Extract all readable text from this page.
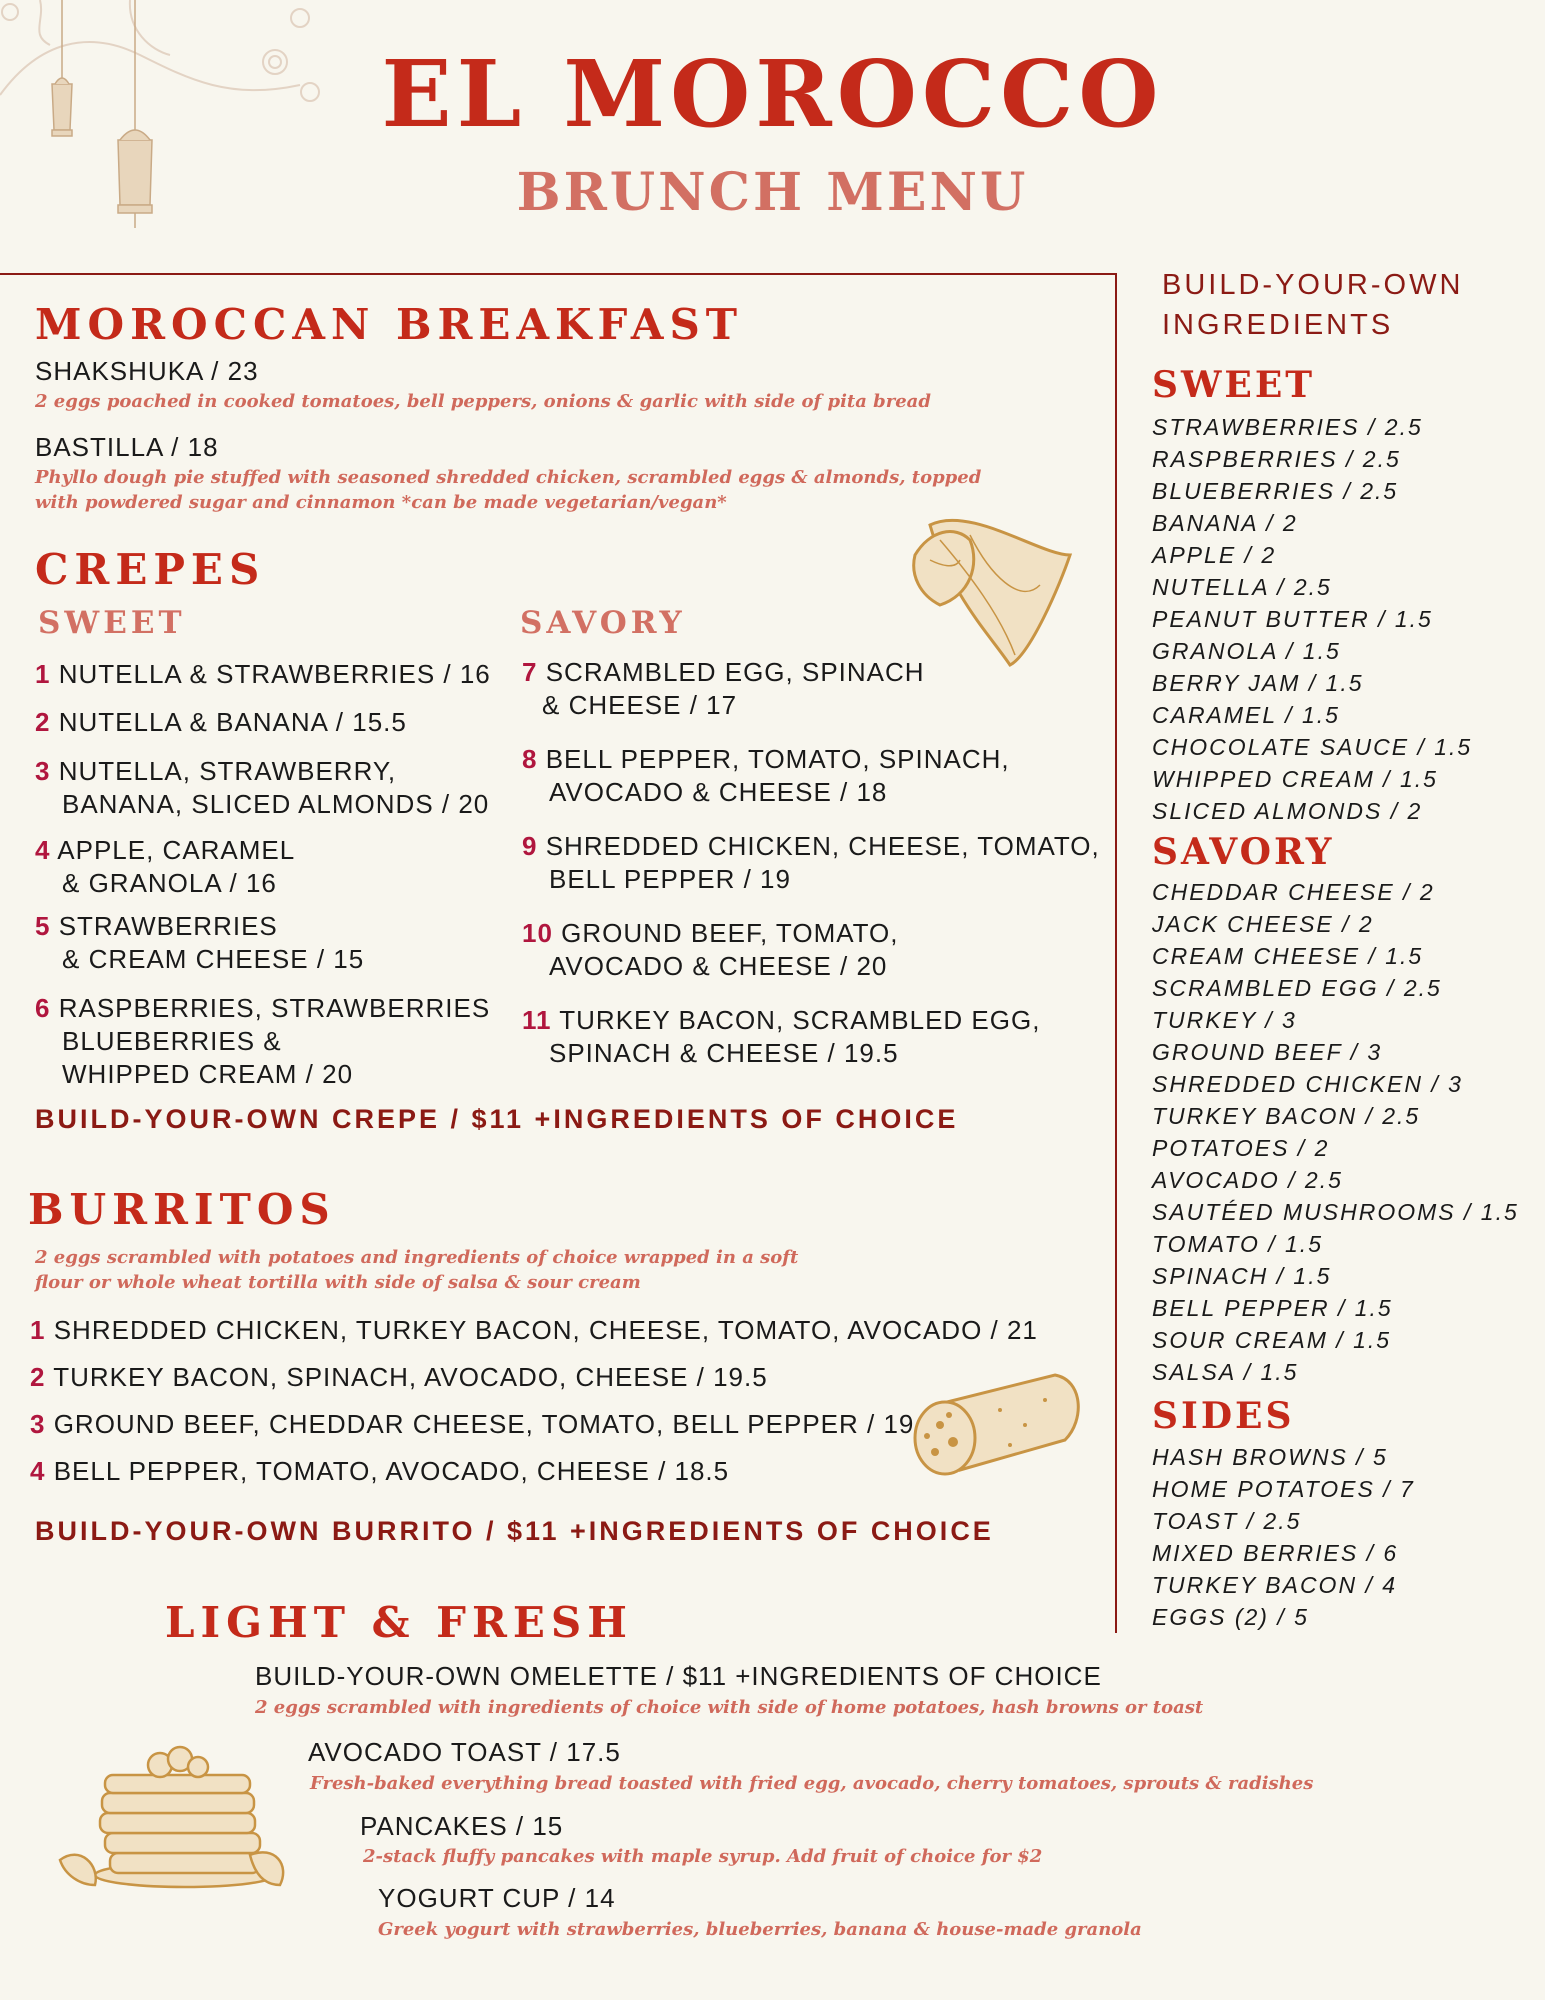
EL MOROCCO
BRUNCH MENU
MOROCCAN BREAKFAST
SHAKSHUKA / 23
2 eggs poached in cooked tomatoes, bell peppers, onions & garlic with side of pita bread
BASTILLA / 18
Phyllo dough pie stuffed with seasoned shredded chicken, scrambled eggs & almonds, topped
with powdered sugar and cinnamon *can be made vegetarian/vegan*
CREPES
SWEET	SAVORY
1 NUTELLA & STRAWBERRIES / 16
2 NUTELLA & BANANA / 15.5
3 NUTELLA, STRAWBERRY,
BANANA, SLICED ALMONDS / 20
4 APPLE, CARAMEL
& GRANOLA / 16
5 STRAWBERRIES
& CREAM CHEESE / 15
6 RASPBERRIES, STRAWBERRIES
BLUEBERRIES &
WHIPPED CREAM / 20
7 SCRAMBLED EGG, SPINACH
& CHEESE / 17
8 BELL PEPPER, TOMATO, SPINACH,
AVOCADO & CHEESE / 18
9 SHREDDED CHICKEN, CHEESE, TOMATO,
BELL PEPPER / 19
10 GROUND BEEF, TOMATO,
AVOCADO & CHEESE / 20
11 TURKEY BACON, SCRAMBLED EGG,
SPINACH & CHEESE / 19.5
BUILD-YOUR-OWN CREPE / $11 +INGREDIENTS OF CHOICE
BURRITOS
2 eggs scrambled with potatoes and ingredients of choice wrapped in a soft
flour or whole wheat tortilla with side of salsa & sour cream
1 SHREDDED CHICKEN, TURKEY BACON, CHEESE, TOMATO, AVOCADO / 21
2 TURKEY BACON, SPINACH, AVOCADO, CHEESE / 19.5
3 GROUND BEEF, CHEDDAR CHEESE, TOMATO, BELL PEPPER / 19
4 BELL PEPPER, TOMATO, AVOCADO, CHEESE / 18.5
BUILD-YOUR-OWN BURRITO / $11 +INGREDIENTS OF CHOICE
LIGHT & FRESH
BUILD-YOUR-OWN OMELETTE / $11 +INGREDIENTS OF CHOICE
2 eggs scrambled with ingredients of choice with side of home potatoes, hash browns or toast
AVOCADO TOAST / 17.5
Fresh-baked everything bread toasted with fried egg, avocado, cherry tomatoes, sprouts & radishes
PANCAKES / 15
2-stack fluffy pancakes with maple syrup. Add fruit of choice for $2
YOGURT CUP / 14
Greek yogurt with strawberries, blueberries, banana & house-made granola
BUILD-YOUR-OWN
INGREDIENTS
SWEET
STRAWBERRIES / 2.5
RASPBERRIES / 2.5
BLUEBERRIES / 2.5
BANANA / 2
APPLE / 2
NUTELLA / 2.5
PEANUT BUTTER / 1.5
GRANOLA / 1.5
BERRY JAM / 1.5
CARAMEL / 1.5
CHOCOLATE SAUCE / 1.5
WHIPPED CREAM / 1.5
SLICED ALMONDS / 2
SAVORY
CHEDDAR CHEESE / 2
JACK CHEESE / 2
CREAM CHEESE / 1.5
SCRAMBLED EGG / 2.5
TURKEY / 3
GROUND BEEF / 3
SHREDDED CHICKEN / 3
TURKEY BACON / 2.5
POTATOES / 2
AVOCADO / 2.5
SAUTÉED MUSHROOMS / 1.5
TOMATO / 1.5
SPINACH / 1.5
BELL PEPPER / 1.5
SOUR CREAM / 1.5
SALSA / 1.5
SIDES
HASH BROWNS / 5
HOME POTATOES / 7
TOAST / 2.5
MIXED BERRIES / 6
TURKEY BACON / 4
EGGS (2) / 5
